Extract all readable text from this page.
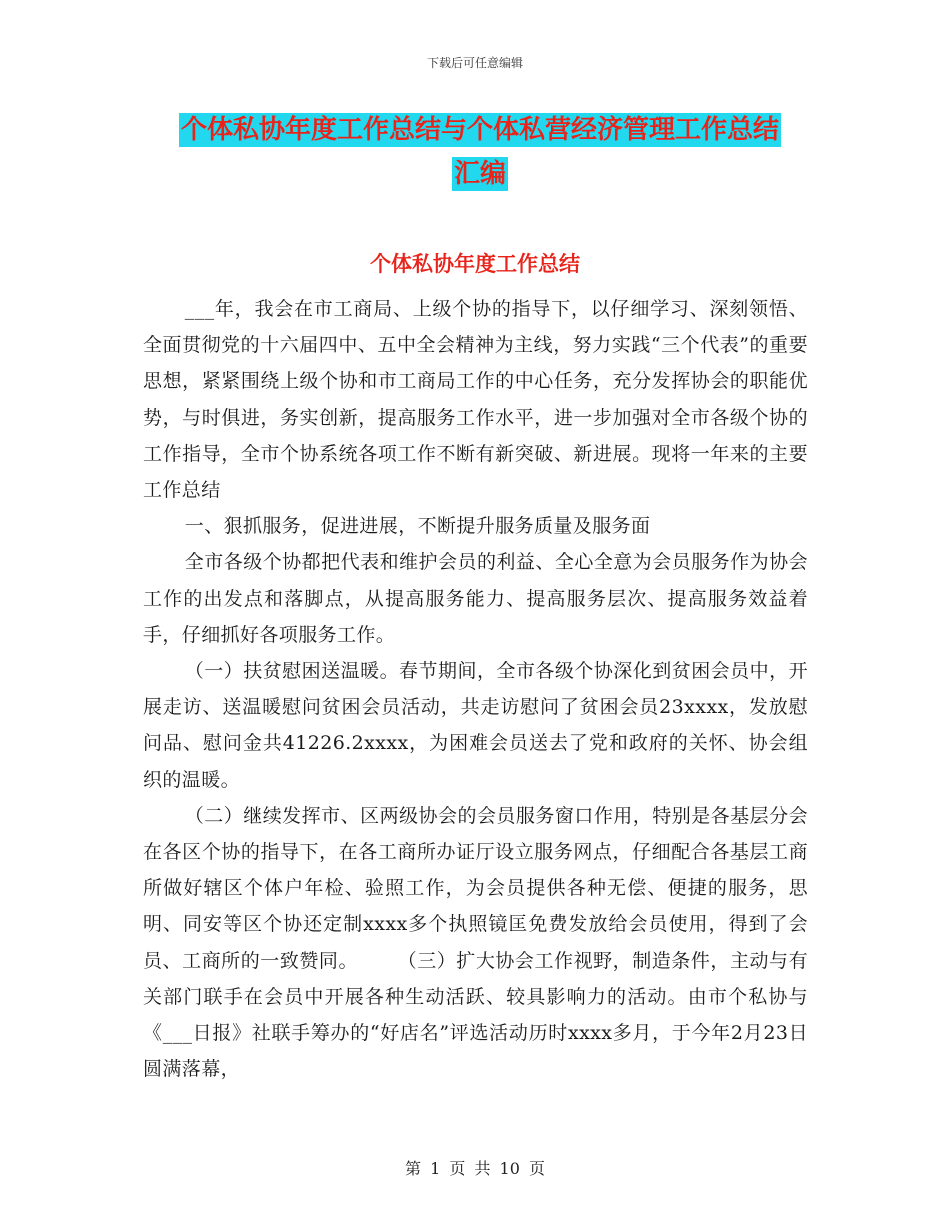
下载后可任意编辑
个体私协年度工作总结与个体私营经济管理工作总结
汇编
个体私协年度工作总结

___年，我会在市工商局、上级个协的指导下，以仔细学习、深刻领悟、全面贯彻党的十六届四中、五中全会精神为主线，努力实践“三个代表”的重要思想，紧紧围绕上级个协和市工商局工作的中心任务，充分发挥协会的职能优势，与时俱进，务实创新，提高服务工作水平，进一步加强对全市各级个协的工作指导，全市个协系统各项工作不断有新突破、新进展。现将一年来的主要工作总结

一、狠抓服务，促进进展，不断提升服务质量及服务面

全市各级个协都把代表和维护会员的利益、全心全意为会员服务作为协会工作的出发点和落脚点，从提高服务能力、提高服务层次、提高服务效益着手，仔细抓好各项服务工作。

（一）扶贫慰困送温暖。春节期间，全市各级个协深化到贫困会员中，开展走访、送温暖慰问贫困会员活动，共走访慰问了贫困会员23xxxx，发放慰问品、慰问金共41226.2xxxx，为困难会员送去了党和政府的关怀、协会组织的温暖。

（二）继续发挥市、区两级协会的会员服务窗口作用，特别是各基层分会在各区个协的指导下，在各工商所办证厅设立服务网点，仔细配合各基层工商所做好辖区个体户年检、验照工作，为会员提供各种无偿、便捷的服务，思明、同安等区个协还定制xxxx多个执照镜匡免费发放给会员使用，得到了会员、工商所的一致赞同。　　　（三）扩大协会工作视野，制造条件，主动与有关部门联手在会员中开展各种生动活跃、较具影响力的活动。由市个私协与《___日报》社联手筹办的“好店名”评选活动历时xxxx多月，于今年2月23日圆满落幕，

第 1 页 共 10 页
